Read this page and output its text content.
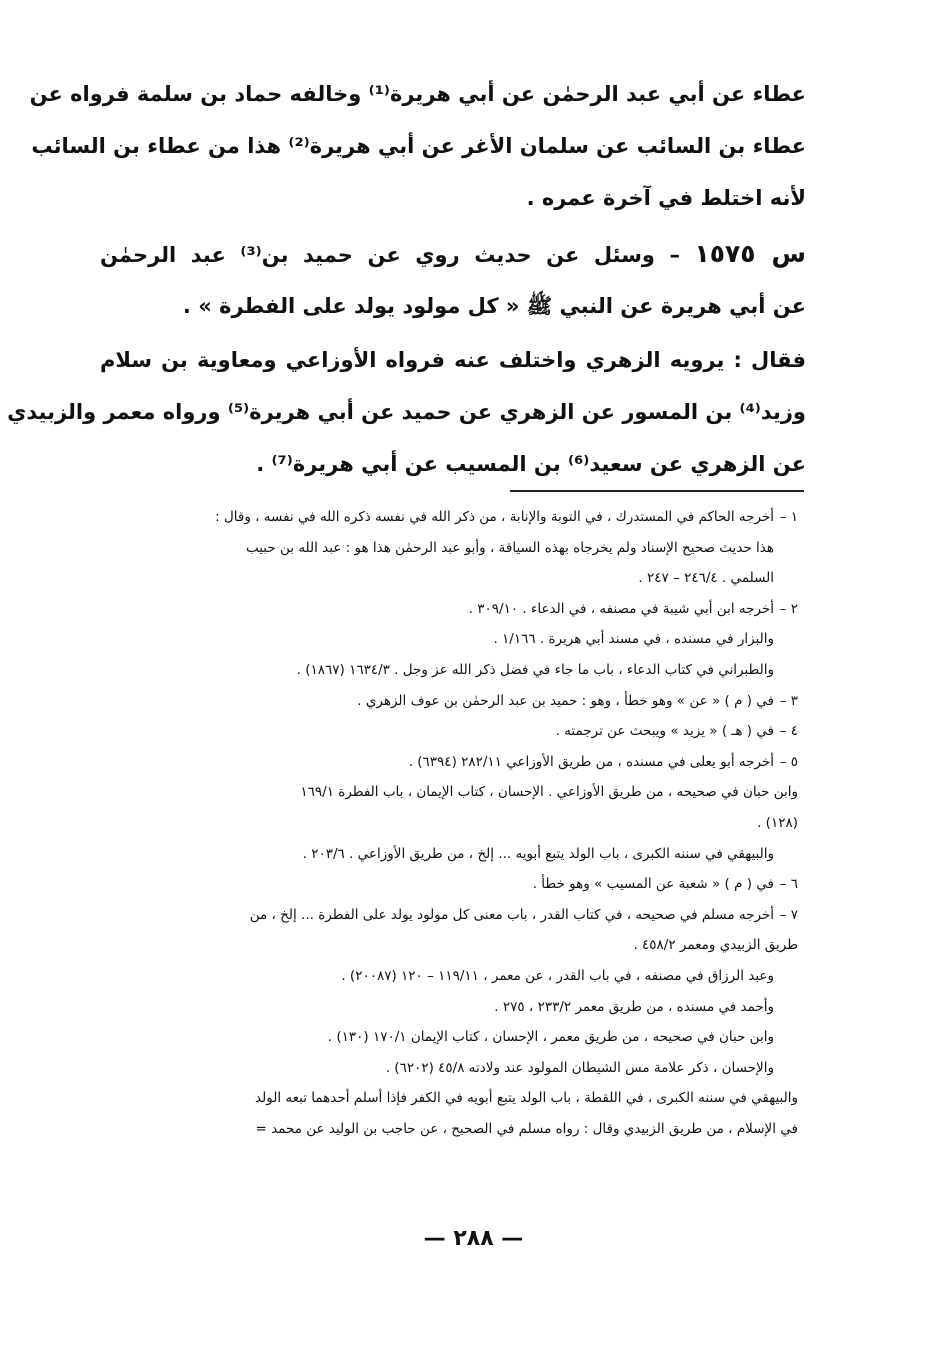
عطاء عن أبي عبد الرحمٰن عن أبي هريرة⁽¹⁾ وخالفه حماد بن سلمة فرواه عن
عطاء بن السائب عن سلمان الأغر عن أبي هريرة⁽²⁾ هذا من عطاء بن السائب
لأنه اختلط في آخرة عمره .
س ١٥٧٥ – وسئل عن حديث روي عن حميد بن⁽³⁾ عبد الرحمٰن
عن أبي هريرة عن النبي ﷺ « كل مولود يولد على الفطرة » .
فقال : يرويه الزهري واختلف عنه فرواه الأوزاعي ومعاوية بن سلام
وزيد⁽⁴⁾ بن المسور عن الزهري عن حميد عن أبي هريرة⁽⁵⁾ ورواه معمر والزبيدي
عن الزهري عن سعيد⁽⁶⁾ بن المسيب عن أبي هريرة⁽⁷⁾ .
١ –أخرجه الحاكم في المستدرك ، في التوبة والإنابة ، من ذكر الله في نفسه ذكره الله في نفسه ، وقال :
هذا حديث صحيح الإسناد ولم يخرجاه بهذه السياقة ، وأبو عبد الرحمٰن هذا هو : عبد الله بن حبيب
السلمي . ٢٤٦/٤ – ٢٤٧ .
٢ –أخرجه ابن أبي شيبة في مصنفه ، في الدعاء . ٣٠٩/١٠ .
والبزار في مسنده ، في مسند أبي هريرة . ١/١٦٦ .
والطبراني في كتاب الدعاء ، باب ما جاء في فضل ذكر الله عز وجل . ١٦٣٤/٣ (١٨٦٧) .
٣ –في ( م ) « عن » وهو خطأ ، وهو : حميد بن عبد الرحمٰن بن عوف الزهري .
٤ –في ( هـ ) « يزيد » ويبحث عن ترجمته .
٥ –أخرجه أبو يعلى في مسنده ، من طريق الأوزاعي ٢٨٢/١١ (٦٣٩٤) .
وابن حبان في صحيحه ، من طريق الأوزاعي . الإحسان ، كتاب الإيمان ، باب الفطرة ١٦٩/١
(١٢٨) .
والبيهقي في سننه الكبرى ، باب الولد يتبع أبويه ... إلخ ، من طريق الأوزاعي . ٢٠٣/٦ .
٦ –في ( م ) « شعبة عن المسيب » وهو خطأ .
٧ –أخرجه مسلم في صحيحه ، في كتاب القدر ، باب معنى كل مولود يولد على الفطرة ... إلخ ، من
طريق الزبيدي ومعمر ٤٥٨/٢ .
وعبد الرزاق في مصنفه ، في باب القدر ، عن معمر ، ١١٩/١١ – ١٢٠ (٢٠٠٨٧) .
وأحمد في مسنده ، من طريق معمر ٢٣٣/٢ ، ٢٧٥ .
وابن حبان في صحيحه ، من طريق معمر ، الإحسان ، كتاب الإيمان ١٧٠/١ (١٣٠) .
والإحسان ، ذكر علامة مس الشيطان المولود عند ولادته ٤٥/٨ (٦٢٠٢) .
والبيهقي في سننه الكبرى ، في اللقطة ، باب الولد يتبع أبويه في الكفر فإذا أسلم أحدهما تبعه الولد
في الإسلام ، من طريق الزبيدي وقال : رواه مسلم في الصحيح ، عن حاجب بن الوليد عن محمد =
— ٢٨٨ —
